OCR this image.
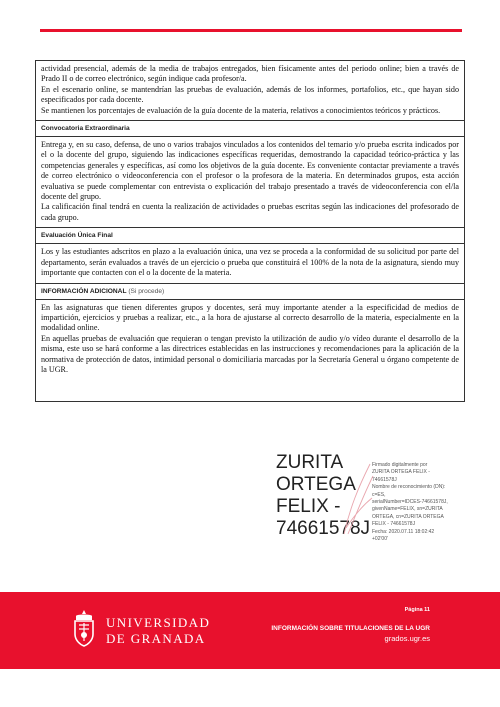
actividad presencial, además de la media de trabajos entregados, bien físicamente antes del periodo online; bien a través de Prado II o de correo electrónico, según indique cada profesor/a.

En el escenario online, se mantendrían las pruebas de evaluación, además de los informes, portafolios, etc., que hayan sido especificados por cada docente.

Se mantienen los porcentajes de evaluación de la guía docente de la materia, relativos a conocimientos teóricos y prácticos.

Convocatoria Extraordinaria

Entrega y, en su caso, defensa, de uno o varios trabajos vinculados a los contenidos del temario y/o prueba escrita indicados por el o la docente del grupo, siguiendo las indicaciones específicas requeridas, demostrando la capacidad teórico-práctica y las competencias generales y específicas, así como los objetivos de la guía docente. Es conveniente contactar previamente a través de correo electrónico o videoconferencia con el profesor o la profesora de la materia. En determinados grupos, esta acción evaluativa se puede complementar con entrevista o explicación del trabajo presentado a través de videoconferencia con el/la docente del grupo.

La calificación final tendrá en cuenta la realización de actividades o pruebas escritas según las indicaciones del profesorado de cada grupo.

Evaluación Única Final

Los y las estudiantes adscritos en plazo a la evaluación única, una vez se proceda a la conformidad de su solicitud por parte del departamento, serán evaluados a través de un ejercicio o prueba que constituirá el 100% de la nota de la asignatura, siendo muy importante que contacten con el o la docente de la materia.

INFORMACIÓN ADICIONAL (Si procede)

En las asignaturas que tienen diferentes grupos y docentes, será muy importante atender a la especificidad de medios de impartición, ejercicios y pruebas a realizar, etc., a la hora de ajustarse al correcto desarrollo de la materia, especialmente en la modalidad online.

En aquellas pruebas de evaluación que requieran o tengan previsto la utilización de audio y/o vídeo durante el desarrollo de la misma, este uso se hará conforme a las directrices establecidas en las instrucciones y recomendaciones para la aplicación de la normativa de protección de datos, intimidad personal o domiciliaria marcadas por la Secretaría General u órgano competente de la UGR.

ZURITA
ORTEGA
FELIX -
74661578J
Firmado digitalmente por
ZURITA ORTEGA FELIX -
74661578J
Nombre de reconocimiento (DN):
c=ES,
serialNumber=IDCES-74661578J,
givenName=FELIX, sn=ZURITA
ORTEGA, cn=ZURITA ORTEGA
FELIX - 74661578J
Fecha: 2020.07.11 18:02:42
+02'00'
UNIVERSIDAD
DE GRANADA
Página 11
INFORMACIÓN SOBRE TITULACIONES DE LA UGR
grados.ugr.es
